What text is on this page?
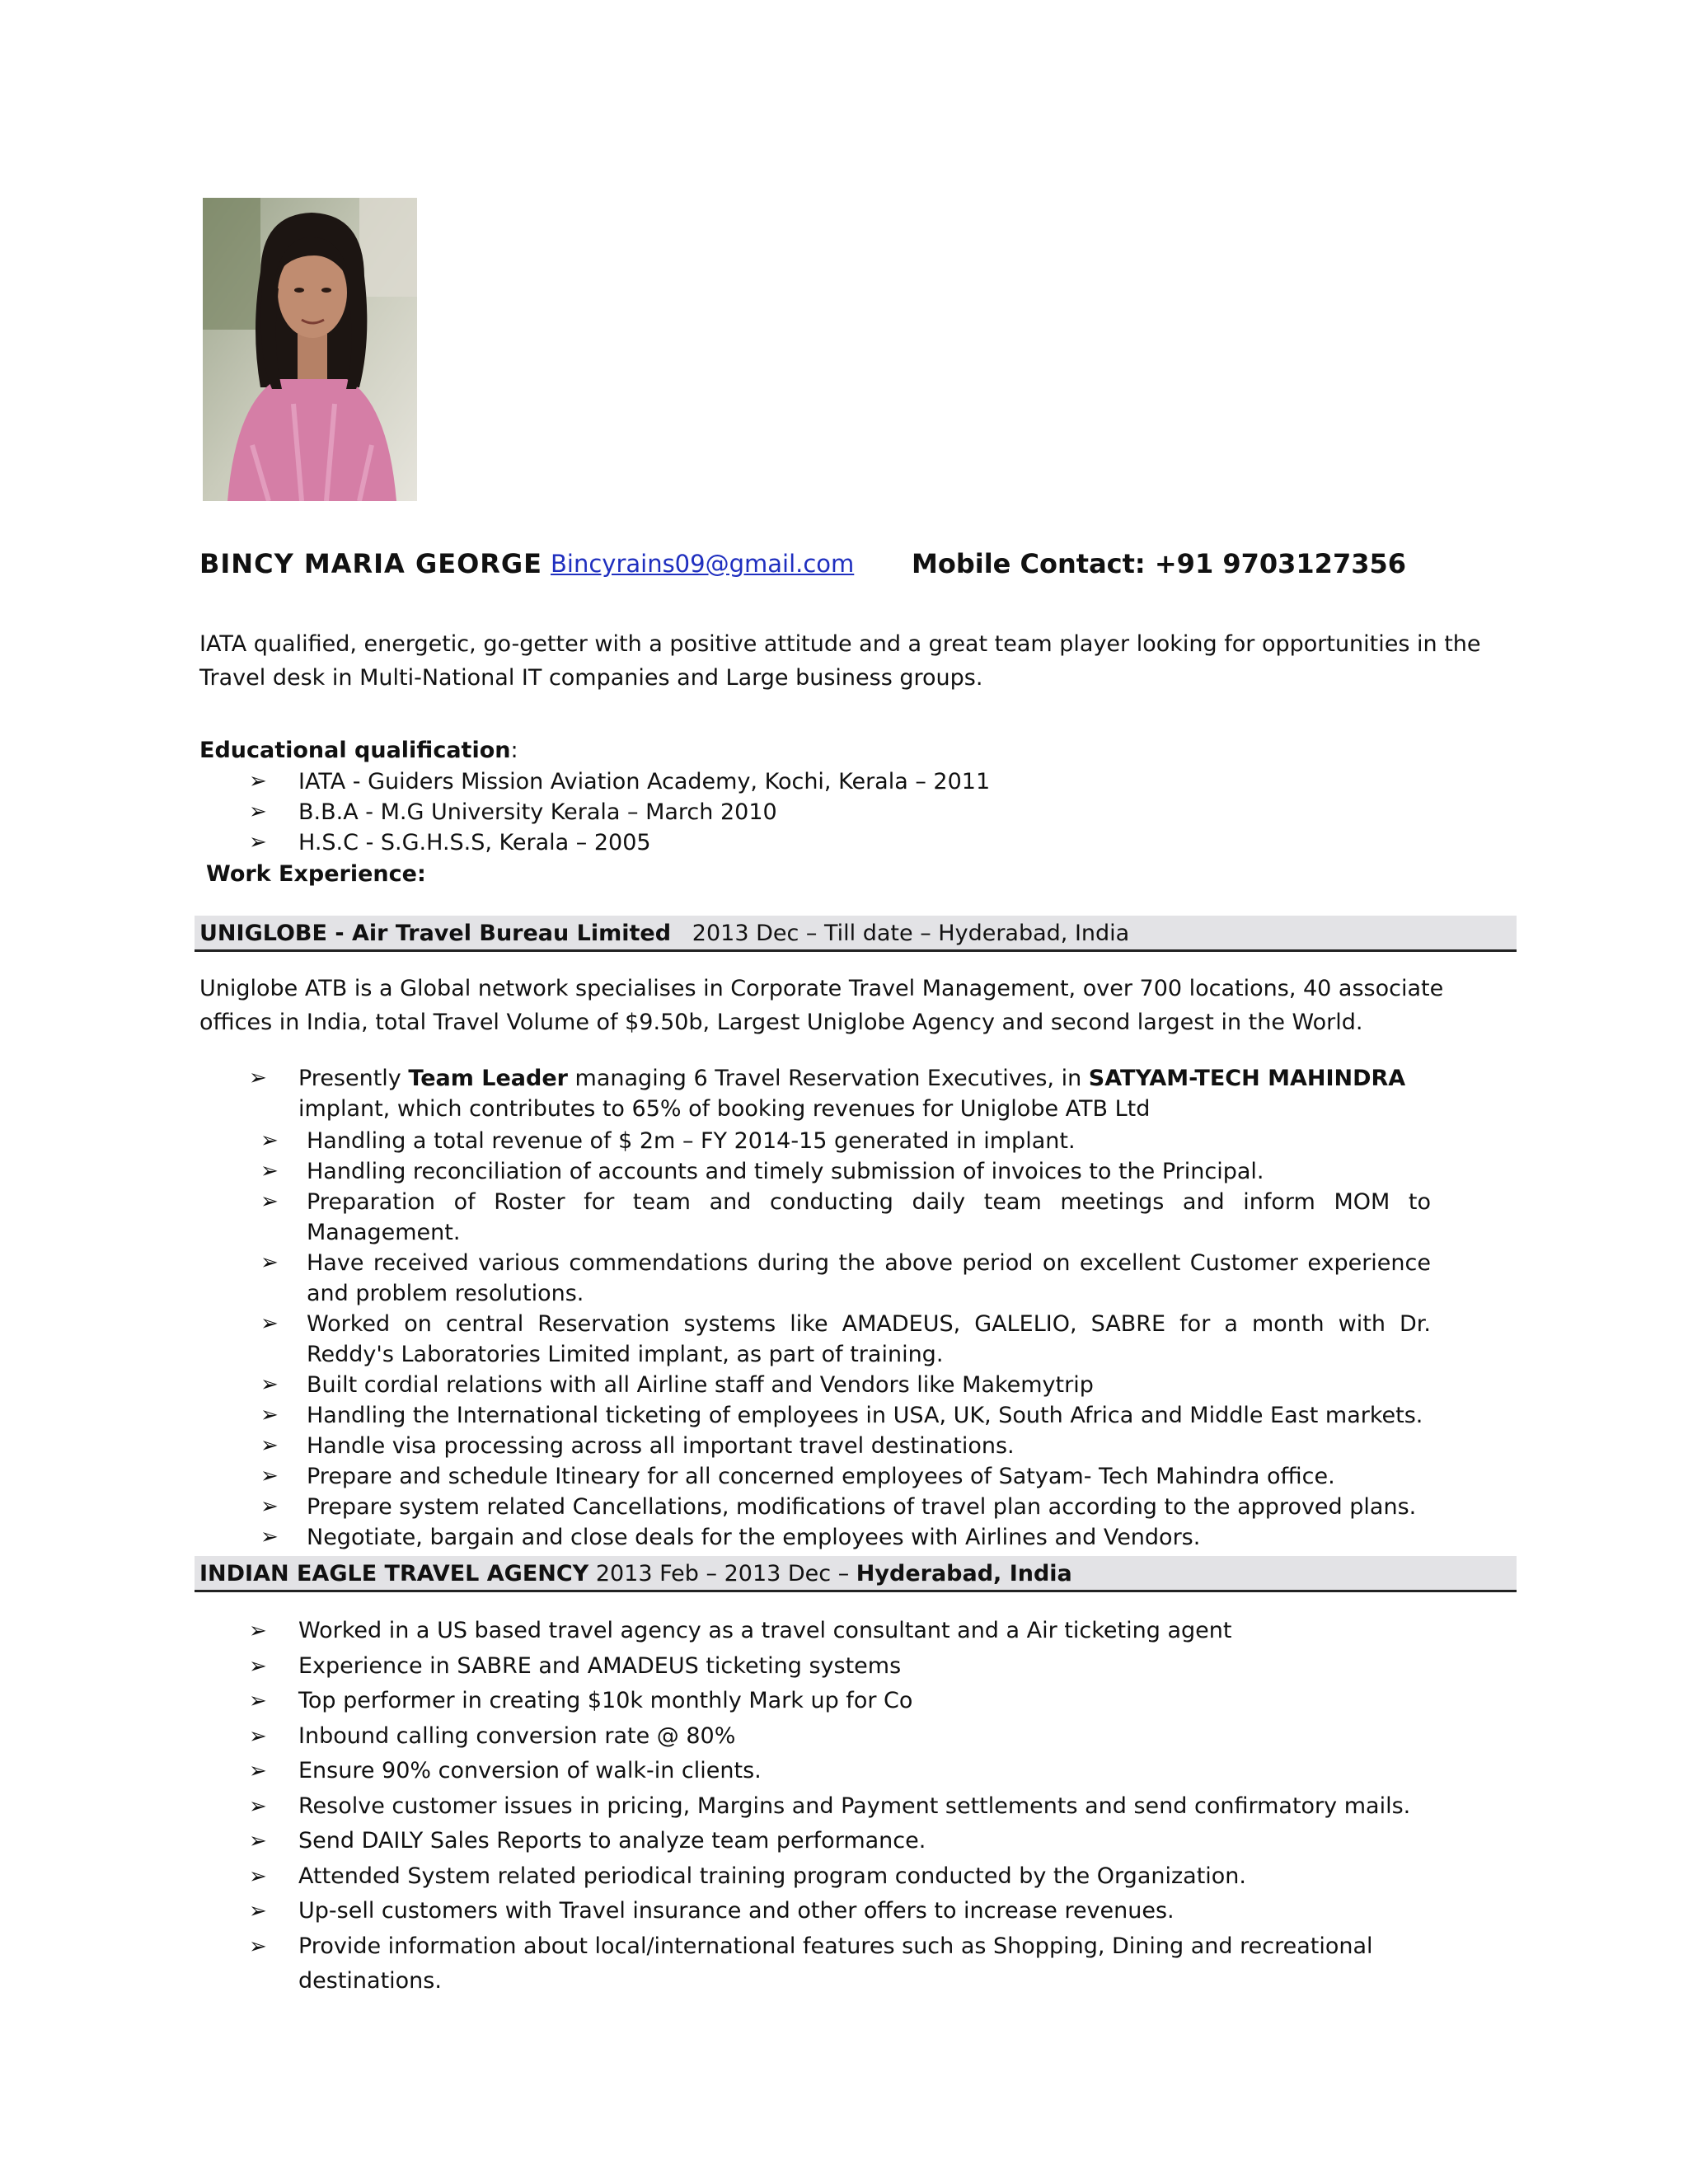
BINCY MARIA GEORGE Bincyrains09@gmail.com Mobile Contact: +91 9703127356
IATA qualified, energetic, go-getter with a positive attitude and a great team player looking for opportunities in the Travel desk in Multi-National IT companies and Large business groups.
Educational qualification:
➢ IATA - Guiders Mission Aviation Academy, Kochi, Kerala – 2011
➢ B.B.A - M.G University Kerala – March 2010
➢ H.S.C - S.G.H.S.S, Kerala – 2005
Work Experience:
UNIGLOBE - Air Travel Bureau Limited 2013 Dec – Till date – Hyderabad, India
Uniglobe ATB is a Global network specialises in Corporate Travel Management, over 700 locations, 40 associate offices in India, total Travel Volume of $9.50b, Largest Uniglobe Agency and second largest in the World.
➢ Presently Team Leader managing 6 Travel Reservation Executives, in SATYAM-TECH MAHINDRA implant, which contributes to 65% of booking revenues for Uniglobe ATB Ltd
➢ Handling a total revenue of $ 2m – FY 2014-15 generated in implant.
➢ Handling reconciliation of accounts and timely submission of invoices to the Principal.
➢ Preparation of Roster for team and conducting daily team meetings and inform MOM to Management.
➢ Have received various commendations during the above period on excellent Customer experience and problem resolutions.
➢ Worked on central Reservation systems like AMADEUS, GALELIO, SABRE for a month with Dr. Reddy's Laboratories Limited implant, as part of training.
➢ Built cordial relations with all Airline staff and Vendors like Makemytrip
➢ Handling the International ticketing of employees in USA, UK, South Africa and Middle East markets.
➢ Handle visa processing across all important travel destinations.
➢ Prepare and schedule Itineary for all concerned employees of Satyam- Tech Mahindra office.
➢ Prepare system related Cancellations, modifications of travel plan according to the approved plans.
➢ Negotiate, bargain and close deals for the employees with Airlines and Vendors.
INDIAN EAGLE TRAVEL AGENCY 2013 Feb – 2013 Dec – Hyderabad, India
➢ Worked in a US based travel agency as a travel consultant and a Air ticketing agent
➢ Experience in SABRE and AMADEUS ticketing systems
➢ Top performer in creating $10k monthly Mark up for Co
➢ Inbound calling conversion rate @ 80%
➢ Ensure 90% conversion of walk-in clients.
➢ Resolve customer issues in pricing, Margins and Payment settlements and send confirmatory mails.
➢ Send DAILY Sales Reports to analyze team performance.
➢ Attended System related periodical training program conducted by the Organization.
➢ Up-sell customers with Travel insurance and other offers to increase revenues.
➢ Provide information about local/international features such as Shopping, Dining and recreational destinations.
